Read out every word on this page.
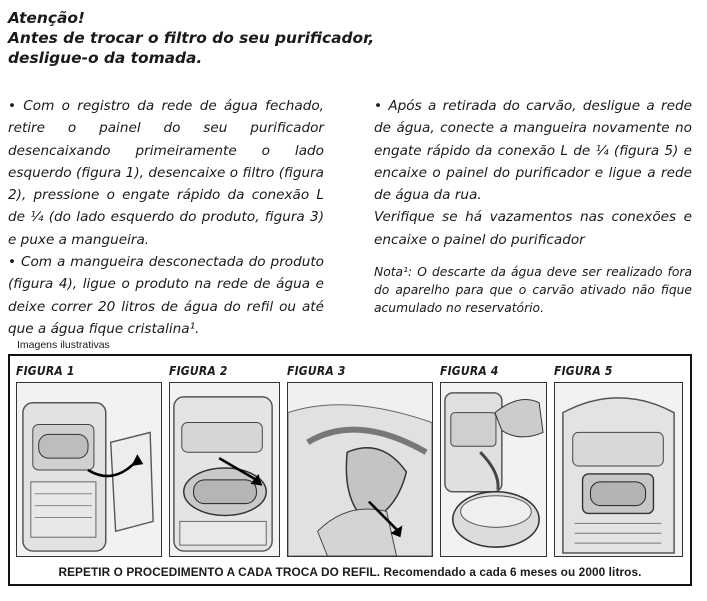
Atenção!
Antes de trocar o filtro do seu purificador,
desligue-o da tomada.

• Com o registro da rede de água fechado, retire o painel do seu purificador desencaixando primeiramente o lado esquerdo (figura 1), desencaixe o filtro (figura 2), pressione o engate rápido da conexão L de ¼ (do lado esquerdo do produto, figura 3) e puxe a mangueira.

• Com a mangueira desconectada do produto (figura 4), ligue o produto na rede de água e deixe correr 20 litros de água do refil ou até que a água fique cristalina¹.

• Após a retirada do carvão, desligue a rede de água, conecte a mangueira novamente no engate rápido da conexão L de ¼ (figura 5) e encaixe o painel do purificador e ligue a rede de água da rua.

Verifique se há vazamentos nas conexões e encaixe o painel do purificador

Nota¹: O descarte da água deve ser realizado fora do aparelho para que o carvão ativado não fique acumulado no reservatório.
Imagens ilustrativas
FIGURA 1	FIGURA 2	FIGURA 3	FIGURA 4	FIGURA 5
REPETIR O PROCEDIMENTO A CADA TROCA DO REFIL. Recomendado a cada 6 meses ou 2000 litros.
